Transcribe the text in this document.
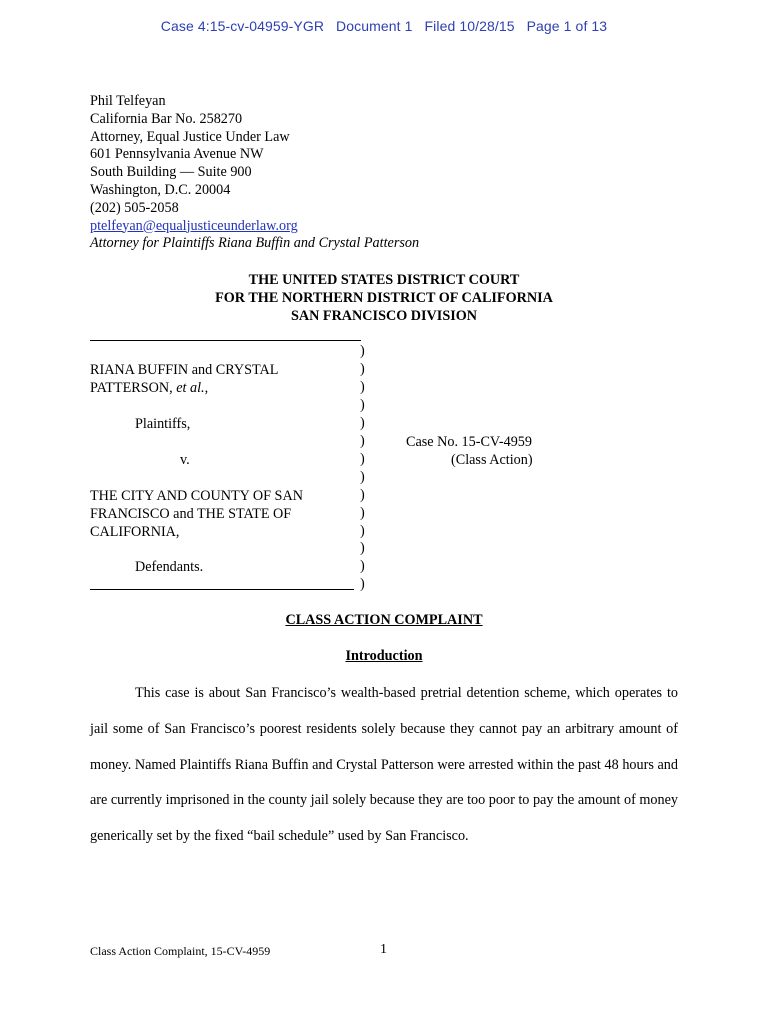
Case 4:15-cv-04959-YGR   Document 1   Filed 10/28/15   Page 1 of 13
Phil Telfeyan
California Bar No. 258270
Attorney, Equal Justice Under Law
601 Pennsylvania Avenue NW
South Building — Suite 900
Washington, D.C. 20004
(202) 505-2058
ptelfeyan@equaljusticeunderlaw.org
Attorney for Plaintiffs Riana Buffin and Crystal Patterson
THE UNITED STATES DISTRICT COURT
FOR THE NORTHERN DISTRICT OF CALIFORNIA
SAN FRANCISCO DIVISION
RIANA BUFFIN and CRYSTAL
PATTERSON, et al.,
Plaintiffs,
v.
THE CITY AND COUNTY OF SAN
FRANCISCO and THE STATE OF
CALIFORNIA,
Defendants.
)
)
)
)
)
)
)
)
)
)
)
)
)
)
Case No. 15-CV-4959
(Class Action)
CLASS ACTION COMPLAINT
Introduction
This case is about San Francisco’s wealth-based pretrial detention scheme, which operates to jail some of San Francisco’s poorest residents solely because they cannot pay an arbitrary amount of money. Named Plaintiffs Riana Buffin and Crystal Patterson were arrested within the past 48 hours and are currently imprisoned in the county jail solely because they are too poor to pay the amount of money generically set by the fixed “bail schedule” used by San Francisco.
Class Action Complaint, 15-CV-4959	1
